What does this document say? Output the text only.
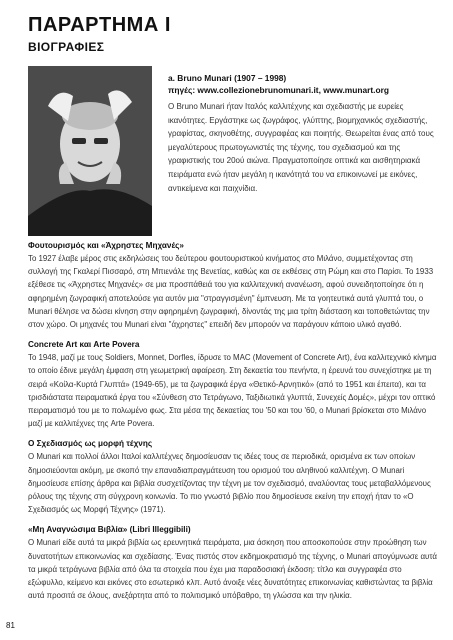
ΠΑΡΑΡΤΗΜΑ Ι
ΒΙΟΓΡΑΦΙΕΣ
a. Bruno Munari (1907 – 1998)
πηγές: www.collezionebrunomunari.it, www.munart.org

O Bruno Munari ήταν Ιταλός καλλιτέχνης και σχεδιαστής με ευρείες ικανότητες. Εργάστηκε ως ζωγράφος, γλύπτης, βιομηχανικός σχεδιαστής, γραφίστας, σκηνοθέτης, συγγραφέας και ποιητής. Θεωρείται ένας από τους μεγαλύτερους πρωτογωνιστές της τέχνης, του σχεδιασμού και της γραφιστικής του 20ού αιώνα. Πραγματοποίησε οπτικά και αισθητηριακά πειράματα ενώ ήταν μεγάλη η ικανότητά του να επικοινωνεί με εικόνες, αντικείμενα και παιχνίδια.

Φουτουρισμός και «Άχρηστες Μηχανές»

Το 1927 έλαβε μέρος στις εκδηλώσεις του δεύτερου φουτουριστικού κινήματος στο Μιλάνο, συμμετέχοντας στη συλλογή της Γκαλερί Πισσαρό, στη Μπιενάλε της Βενετίας, καθώς και σε εκθέσεις στη Ρώμη και στο Παρίσι. Το 1933 εξέθεσε τις «Άχρηστες Μηχανές» σε μια προσπάθειά του για καλλιτεχνική ανανέωση, αφού συνειδητοποίησε ότι η αφηρημένη ζωγραφική αποτελούσε για αυτόν μια "στραγγισμένη" έμπνευση. Με τα γοητευτικά αυτά γλυπτά του, ο Munari θέλησε να δώσει κίνηση στην αφηρημένη ζωγραφική, δίνοντάς της μια τρίτη διάσταση και τοποθετώντας την στον χώρο. Οι μηχανές του Munari είναι "άχρηστες" επειδή δεν μπορούν να παράγουν κάποιο υλικό αγαθό.

Concrete Art και Arte Povera

Το 1948, μαζί με τους Soldiers, Monnet, Dorfles, ίδρυσε το MAC (Movement of Concrete Art), ένα καλλιτεχνικό κίνημα το οποίο έδινε μεγάλη έμφαση στη γεωμετρική αφαίρεση. Στη δεκαετία του πενήντα, η έρευνά του συνεχίστηκε με τη σειρά «Κοίλα-Κυρτά Γλυπτά» (1949-65), με τα ζωγραφικά έργα «Θετικό-Αρνητικό» (από το 1951 και έπειτα), και τα τρισδιάστατα πειραματικά έργα του «Σύνθεση στο Τετράγωνο, Ταξιδιωτικά γλυπτά, Συνεχείς Δομές», μέχρι τον οπτικό πειραματισμό του με το πολωμένο φως. Στα μέσα της δεκαετίας του '50 και του '60, ο Munari βρίσκεται στο Μιλάνο μαζί με καλλιτέχνες της Arte Povera.

Ο Σχεδιασμός ως μορφή τέχνης

Ο Munari και πολλοί άλλοι Ιταλοί καλλιτέχνες δημοσίευσαν τις ιδέες τους σε περιοδικά, ορισμένα εκ των οποίων δημοσιεύονται ακόμη, με σκοπό την επαναδιαπραγμάτευση του ορισμού του αληθινού καλλιτέχνη. Ο Munari δημοσίευσε επίσης άρθρα και βιβλία συσχετίζοντας την τέχνη με τον σχεδιασμό, αναλύοντας τους μεταβαλλόμενους ρόλους της τέχνης στη σύγχρονη κοινωνία. Το πιο γνωστό βιβλίο που δημοσίευσε εκείνη την εποχή ήταν το «Ο Σχεδιασμός ως Μορφή Τέχνης» (1971).

«Μη Αναγνώσιμα Βιβλία» (Libri Illeggibili)

Ο Munari είδε αυτά τα μικρά βιβλία ως ερευνητικά πειράματα, μια άσκηση που αποσκοπούσε στην προώθηση των δυνατοτήτων επικοινωνίας και σχεδίασης. Ένας πιστός στον εκδημοκρατισμό της τέχνης, ο Munari απογύμνωσε αυτά τα μικρά τετράγωνα βιβλία από όλα τα στοιχεία που έχει μια παραδοσιακή έκδοση: τίτλο και συγγραφέα στο εξώφυλλο, κείμενο και εικόνες στο εσωτερικό κλπ. Αυτό άνοιξε νέες δυνατότητες επικοινωνίας καθιστώντας τα βιβλία αυτά προσιτά σε όλους, ανεξάρτητα από το πολιτισμικό υπόβαθρο, τη γλώσσα και την ηλικία.

81
